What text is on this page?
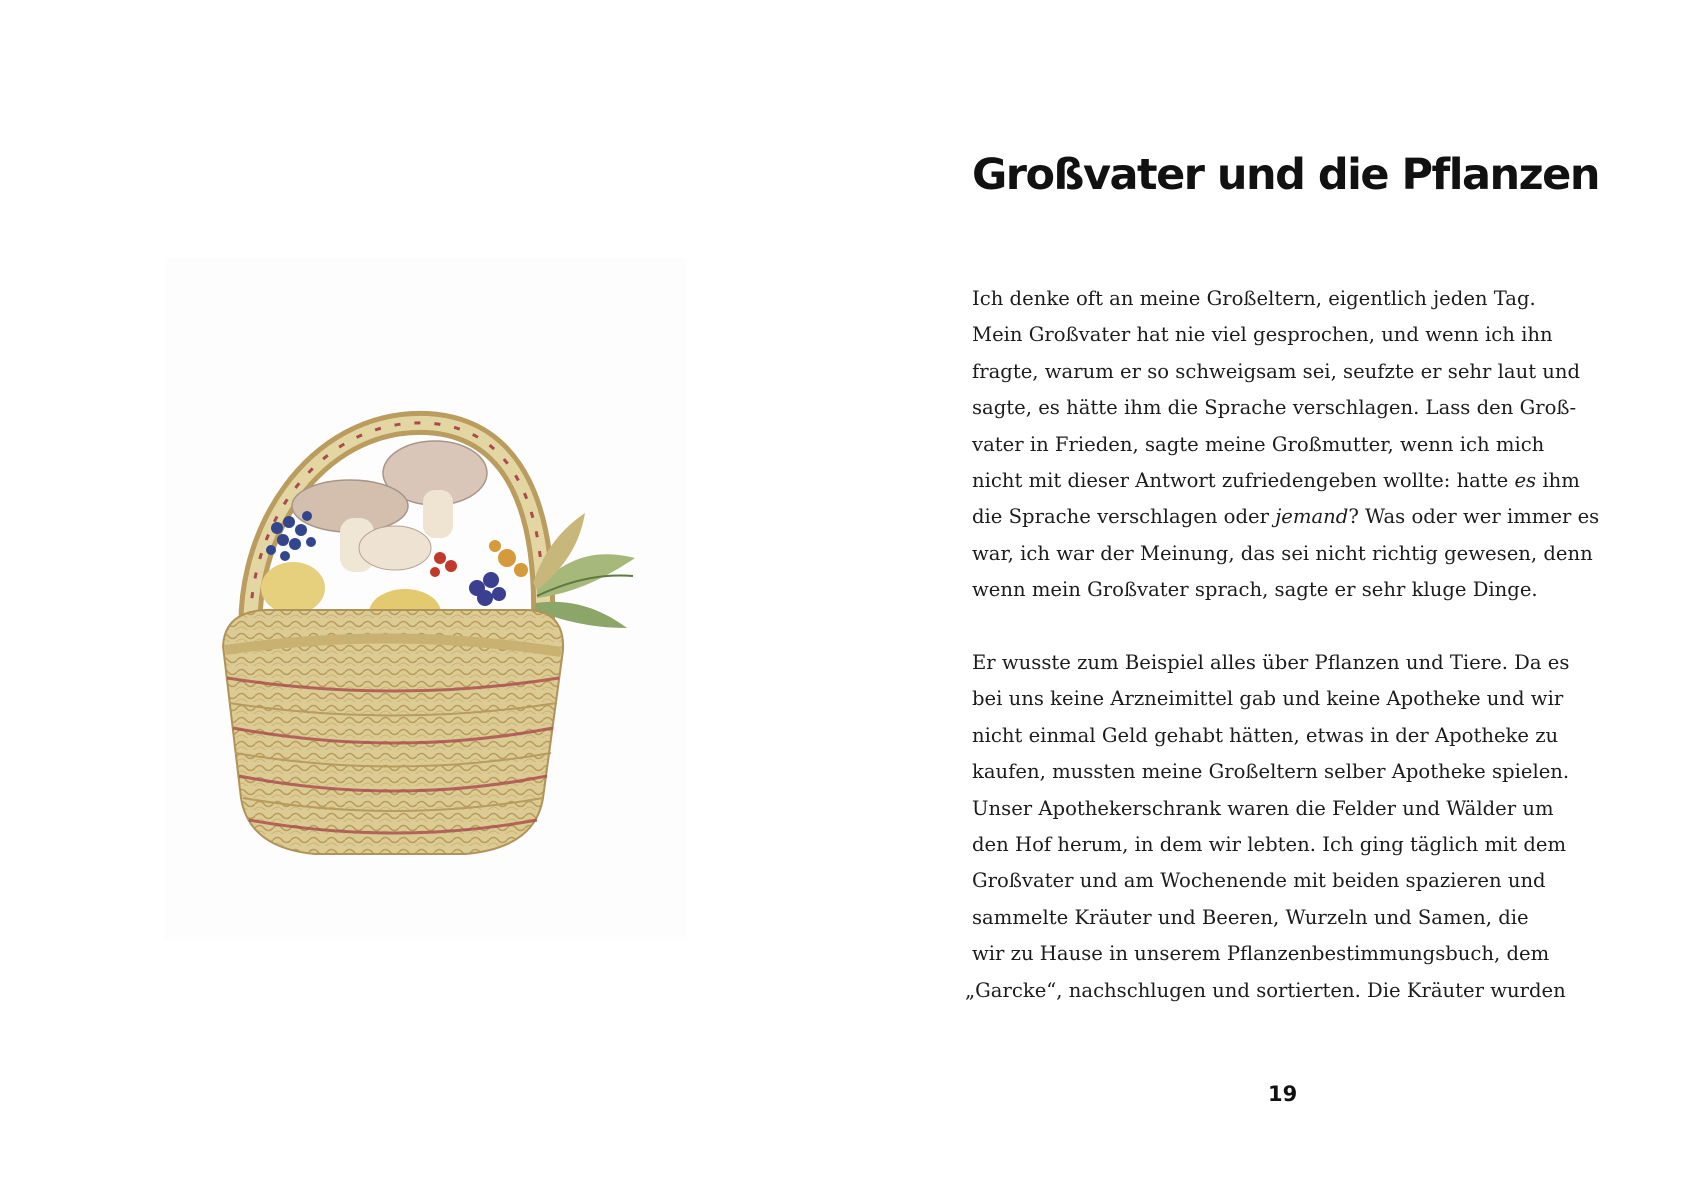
Großvater und die Pflanzen
Ich denke oft an meine Großeltern, eigentlich jeden Tag.
Mein Großvater hat nie viel gesprochen, und wenn ich ihn
fragte, warum er so schweigsam sei, seufzte er sehr laut und
sagte, es hätte ihm die Sprache verschlagen. Lass den Groß-
vater in Frieden, sagte meine Großmutter, wenn ich mich
nicht mit dieser Antwort zufriedengeben wollte: hatte es ihm
die Sprache verschlagen oder jemand? Was oder wer immer es
war, ich war der Meinung, das sei nicht richtig gewesen, denn
wenn mein Großvater sprach, sagte er sehr kluge Dinge.
Er wusste zum Beispiel alles über Pflanzen und Tiere. Da es
bei uns keine Arzneimittel gab und keine Apotheke und wir
nicht einmal Geld gehabt hätten, etwas in der Apotheke zu
kaufen, mussten meine Großeltern selber Apotheke spielen.
Unser Apothekerschrank waren die Felder und Wälder um
den Hof herum, in dem wir lebten. Ich ging täglich mit dem
Großvater und am Wochenende mit beiden spazieren und
sammelte Kräuter und Beeren, Wurzeln und Samen, die
wir zu Hause in unserem Pflanzenbestimmungsbuch, dem
„Garcke“, nachschlugen und sortierten. Die Kräuter wurden
19
